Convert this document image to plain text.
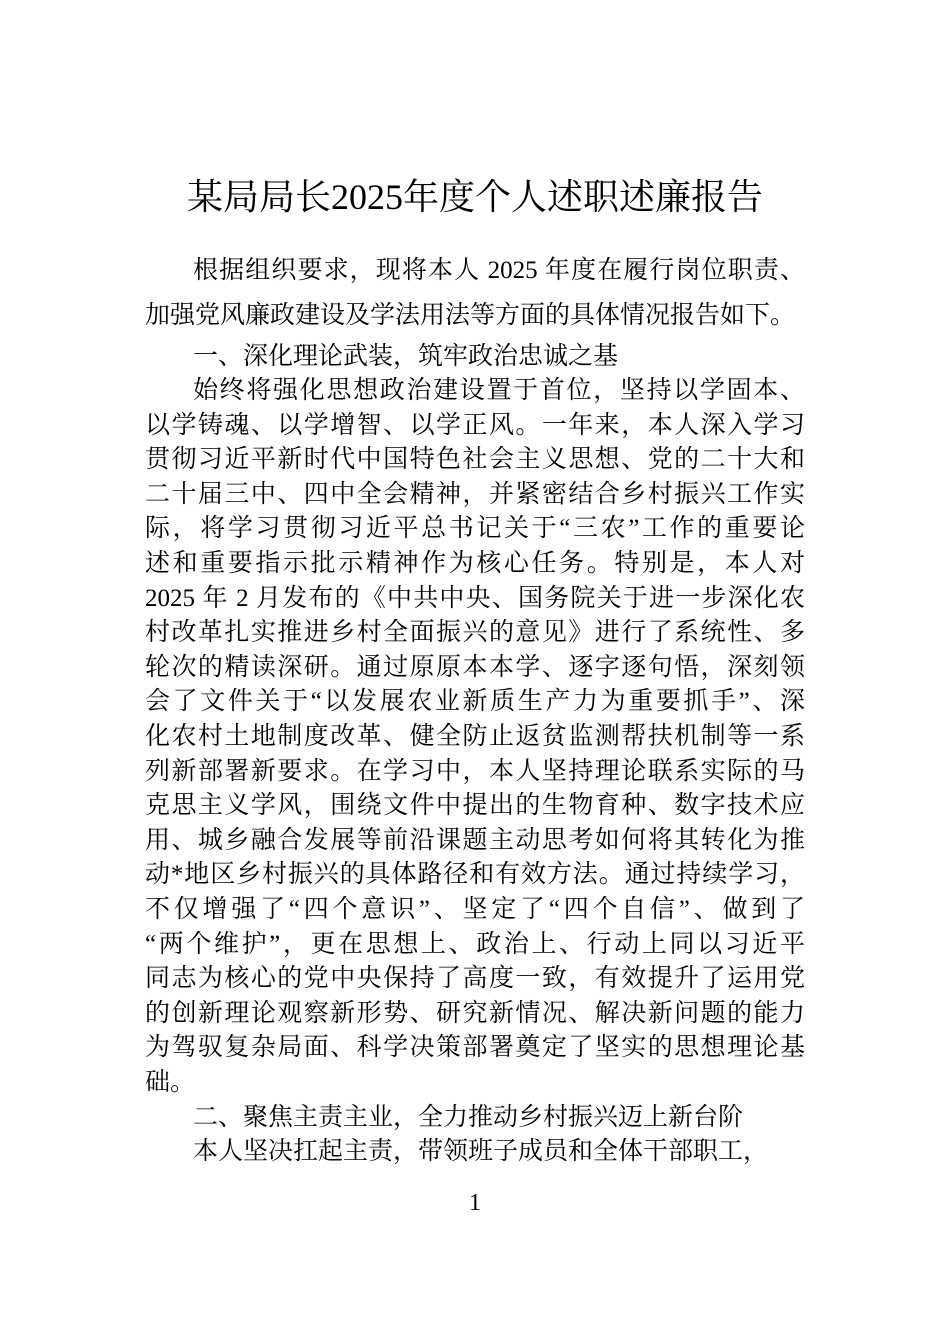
某局局长2025年度个人述职述廉报告
根据组织要求，现将本人 2025 年度在履行岗位职责、
加强党风廉政建设及学法用法等方面的具体情况报告如下。
一、深化理论武装，筑牢政治忠诚之基
始终将强化思想政治建设置于首位，坚持以学固本、
以学铸魂、以学增智、以学正风。一年来，本人深入学习
贯彻习近平新时代中国特色社会主义思想、党的二十大和
二十届三中、四中全会精神，并紧密结合乡村振兴工作实
际，将学习贯彻习近平总书记关于“三农”工作的重要论
述和重要指示批示精神作为核心任务。特别是，本人对
2025 年 2 月发布的《中共中央、国务院关于进一步深化农
村改革扎实推进乡村全面振兴的意见》进行了系统性、多
轮次的精读深研。通过原原本本学、逐字逐句悟，深刻领
会了文件关于“以发展农业新质生产力为重要抓手”、深
化农村土地制度改革、健全防止返贫监测帮扶机制等一系
列新部署新要求。在学习中，本人坚持理论联系实际的马
克思主义学风，围绕文件中提出的生物育种、数字技术应
用、城乡融合发展等前沿课题主动思考如何将其转化为推
动*地区乡村振兴的具体路径和有效方法。通过持续学习，
不仅增强了“四个意识”、坚定了“四个自信”、做到了
“两个维护”，更在思想上、政治上、行动上同以习近平
同志为核心的党中央保持了高度一致，有效提升了运用党
的创新理论观察新形势、研究新情况、解决新问题的能力
为驾驭复杂局面、科学决策部署奠定了坚实的思想理论基
础。
二、聚焦主责主业，全力推动乡村振兴迈上新台阶
本人坚决扛起主责，带领班子成员和全体干部职工，
1
